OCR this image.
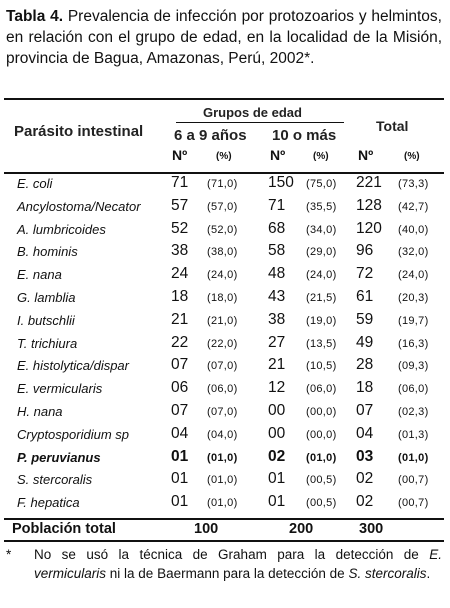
Tabla 4. Prevalencia de infección por protozoarios y helmintos, en relación con el grupo de edad, en la localidad de la Misión, provincia de Bagua, Amazonas, Perú, 2002*.
Grupos de edad
Parásito intestinal	Total
6 a 9 años 10 o más
Nº	(%)	Nº	(%) Nº	(%)
E. coli	71 (71,0) 150 (75,0) 221 (73,3)
Ancylostoma/Necator 57 (57,0) 71 (35,5) 128 (42,7)
A. lumbricoides	52 (52,0) 68 (34,0) 120 (40,0)
B. hominis	38 (38,0) 58 (29,0) 96 (32,0)
E. nana	24 (24,0) 48 (24,0) 72 (24,0)
G. lamblia	18 (18,0) 43 (21,5) 61 (20,3)
I. butschlii	21 (21,0) 38 (19,0) 59 (19,7)
T. trichiura	22 (22,0) 27 (13,5) 49 (16,3)
E. histolytica/dispar	07 (07,0) 21 (10,5) 28 (09,3)
E. vermicularis	06 (06,0) 12 (06,0) 18 (06,0)
H. nana	07 (07,0) 00 (00,0) 07 (02,3)
Cryptosporidium sp	04 (04,0) 00 (00,0) 04 (01,3)
P. peruvianus	01 (01,0) 02 (01,0) 03 (01,0)
S. stercoralis	01 (01,0) 01 (00,5) 02 (00,7)
F. hepatica	01 (01,0) 01 (00,5) 02 (00,7)
Población total	100	200	300
* No se usó la técnica de Graham para la detección de E. vermicularis ni la de Baermann para la detección de S. stercoralis.
